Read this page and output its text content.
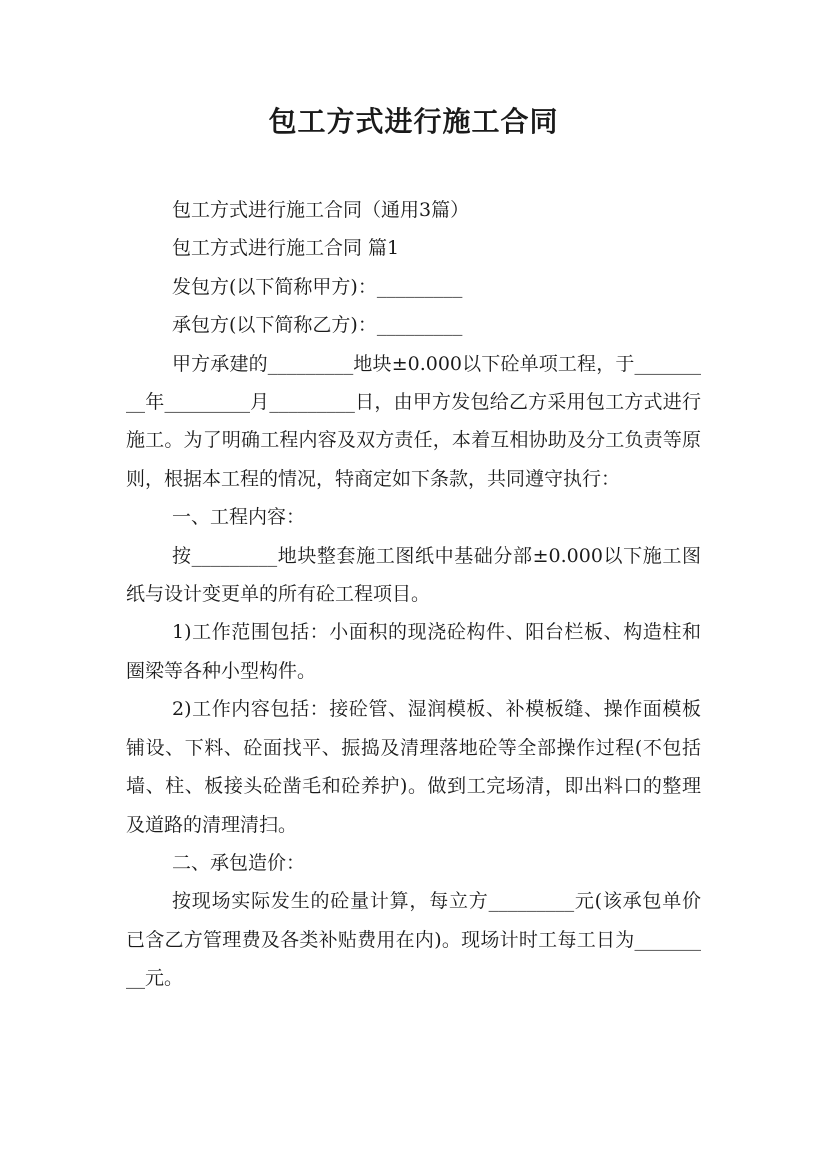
包工方式进行施工合同

包工方式进行施工合同（通用3篇）

包工方式进行施工合同 篇1

发包方(以下简称甲方)：_________

承包方(以下简称乙方)：_________

甲方承建的_________地块±0.000以下砼单项工程，于_________年_________月_________日，由甲方发包给乙方采用包工方式进行施工。为了明确工程内容及双方责任，本着互相协助及分工负责等原则，根据本工程的情况，特商定如下条款，共同遵守执行：

一、工程内容：

按_________地块整套施工图纸中基础分部±0.000以下施工图纸与设计变更单的所有砼工程项目。

1)工作范围包括：小面积的现浇砼构件、阳台栏板、构造柱和圈梁等各种小型构件。

2)工作内容包括：接砼管、湿润模板、补模板缝、操作面模板铺设、下料、砼面找平、振捣及清理落地砼等全部操作过程(不包括墙、柱、板接头砼凿毛和砼养护)。做到工完场清，即出料口的整理及道路的清理清扫。

二、承包造价：

按现场实际发生的砼量计算，每立方_________元(该承包单价已含乙方管理费及各类补贴费用在内)。现场计时工每工日为_________元。
